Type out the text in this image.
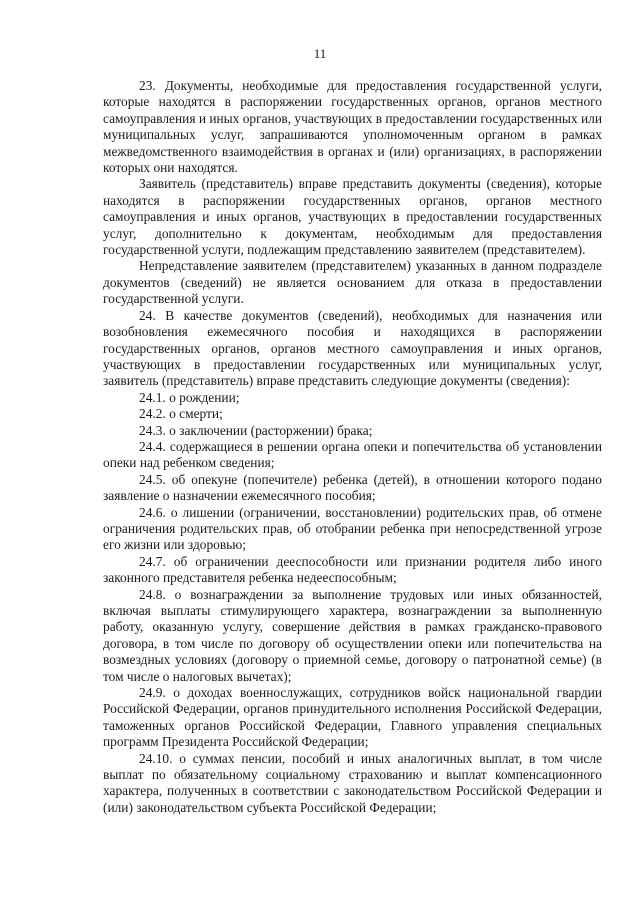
11

23. Документы, необходимые для предоставления государственной услуги, которые находятся в распоряжении государственных органов, органов местного самоуправления и иных органов, участвующих в предоставлении государственных или муниципальных услуг, запрашиваются уполномоченным органом в рамках межведомственного взаимодействия в органах и (или) организациях, в распоряжении которых они находятся.

Заявитель (представитель) вправе представить документы (сведения), которые находятся в распоряжении государственных органов, органов местного самоуправления и иных органов, участвующих в предоставлении государственных услуг, дополнительно к документам, необходимым для предоставления государственной услуги, подлежащим представлению заявителем (представителем).

Непредставление заявителем (представителем) указанных в данном подразделе документов (сведений) не является основанием для отказа в предоставлении государственной услуги.

24. В качестве документов (сведений), необходимых для назначения или возобновления ежемесячного пособия и находящихся в распоряжении государственных органов, органов местного самоуправления и иных органов, участвующих в предоставлении государственных или муниципальных услуг, заявитель (представитель) вправе представить следующие документы (сведения):

24.1. о рождении;

24.2. о смерти;

24.3. о заключении (расторжении) брака;

24.4. содержащиеся в решении органа опеки и попечительства об установлении опеки над ребенком сведения;

24.5. об опекуне (попечителе) ребенка (детей), в отношении которого подано заявление о назначении ежемесячного пособия;

24.6. о лишении (ограничении, восстановлении) родительских прав, об отмене ограничения родительских прав, об отобрании ребенка при непосредственной угрозе его жизни или здоровью;

24.7. об ограничении дееспособности или признании родителя либо иного законного представителя ребенка недееспособным;

24.8. о вознаграждении за выполнение трудовых или иных обязанностей, включая выплаты стимулирующего характера, вознаграждении за выполненную работу, оказанную услугу, совершение действия в рамках гражданско-правового договора, в том числе по договору об осуществлении опеки или попечительства на возмездных условиях (договору о приемной семье, договору о патронатной семье) (в том числе о налоговых вычетах);

24.9. о доходах военнослужащих, сотрудников войск национальной гвардии Российской Федерации, органов принудительного исполнения Российской Федерации, таможенных органов Российской Федерации, Главного управления специальных программ Президента Российской Федерации;

24.10. о суммах пенсии, пособий и иных аналогичных выплат, в том числе выплат по обязательному социальному страхованию и выплат компенсационного характера, полученных в соответствии с законодательством Российской Федерации и (или) законодательством субъекта Российской Федерации;
